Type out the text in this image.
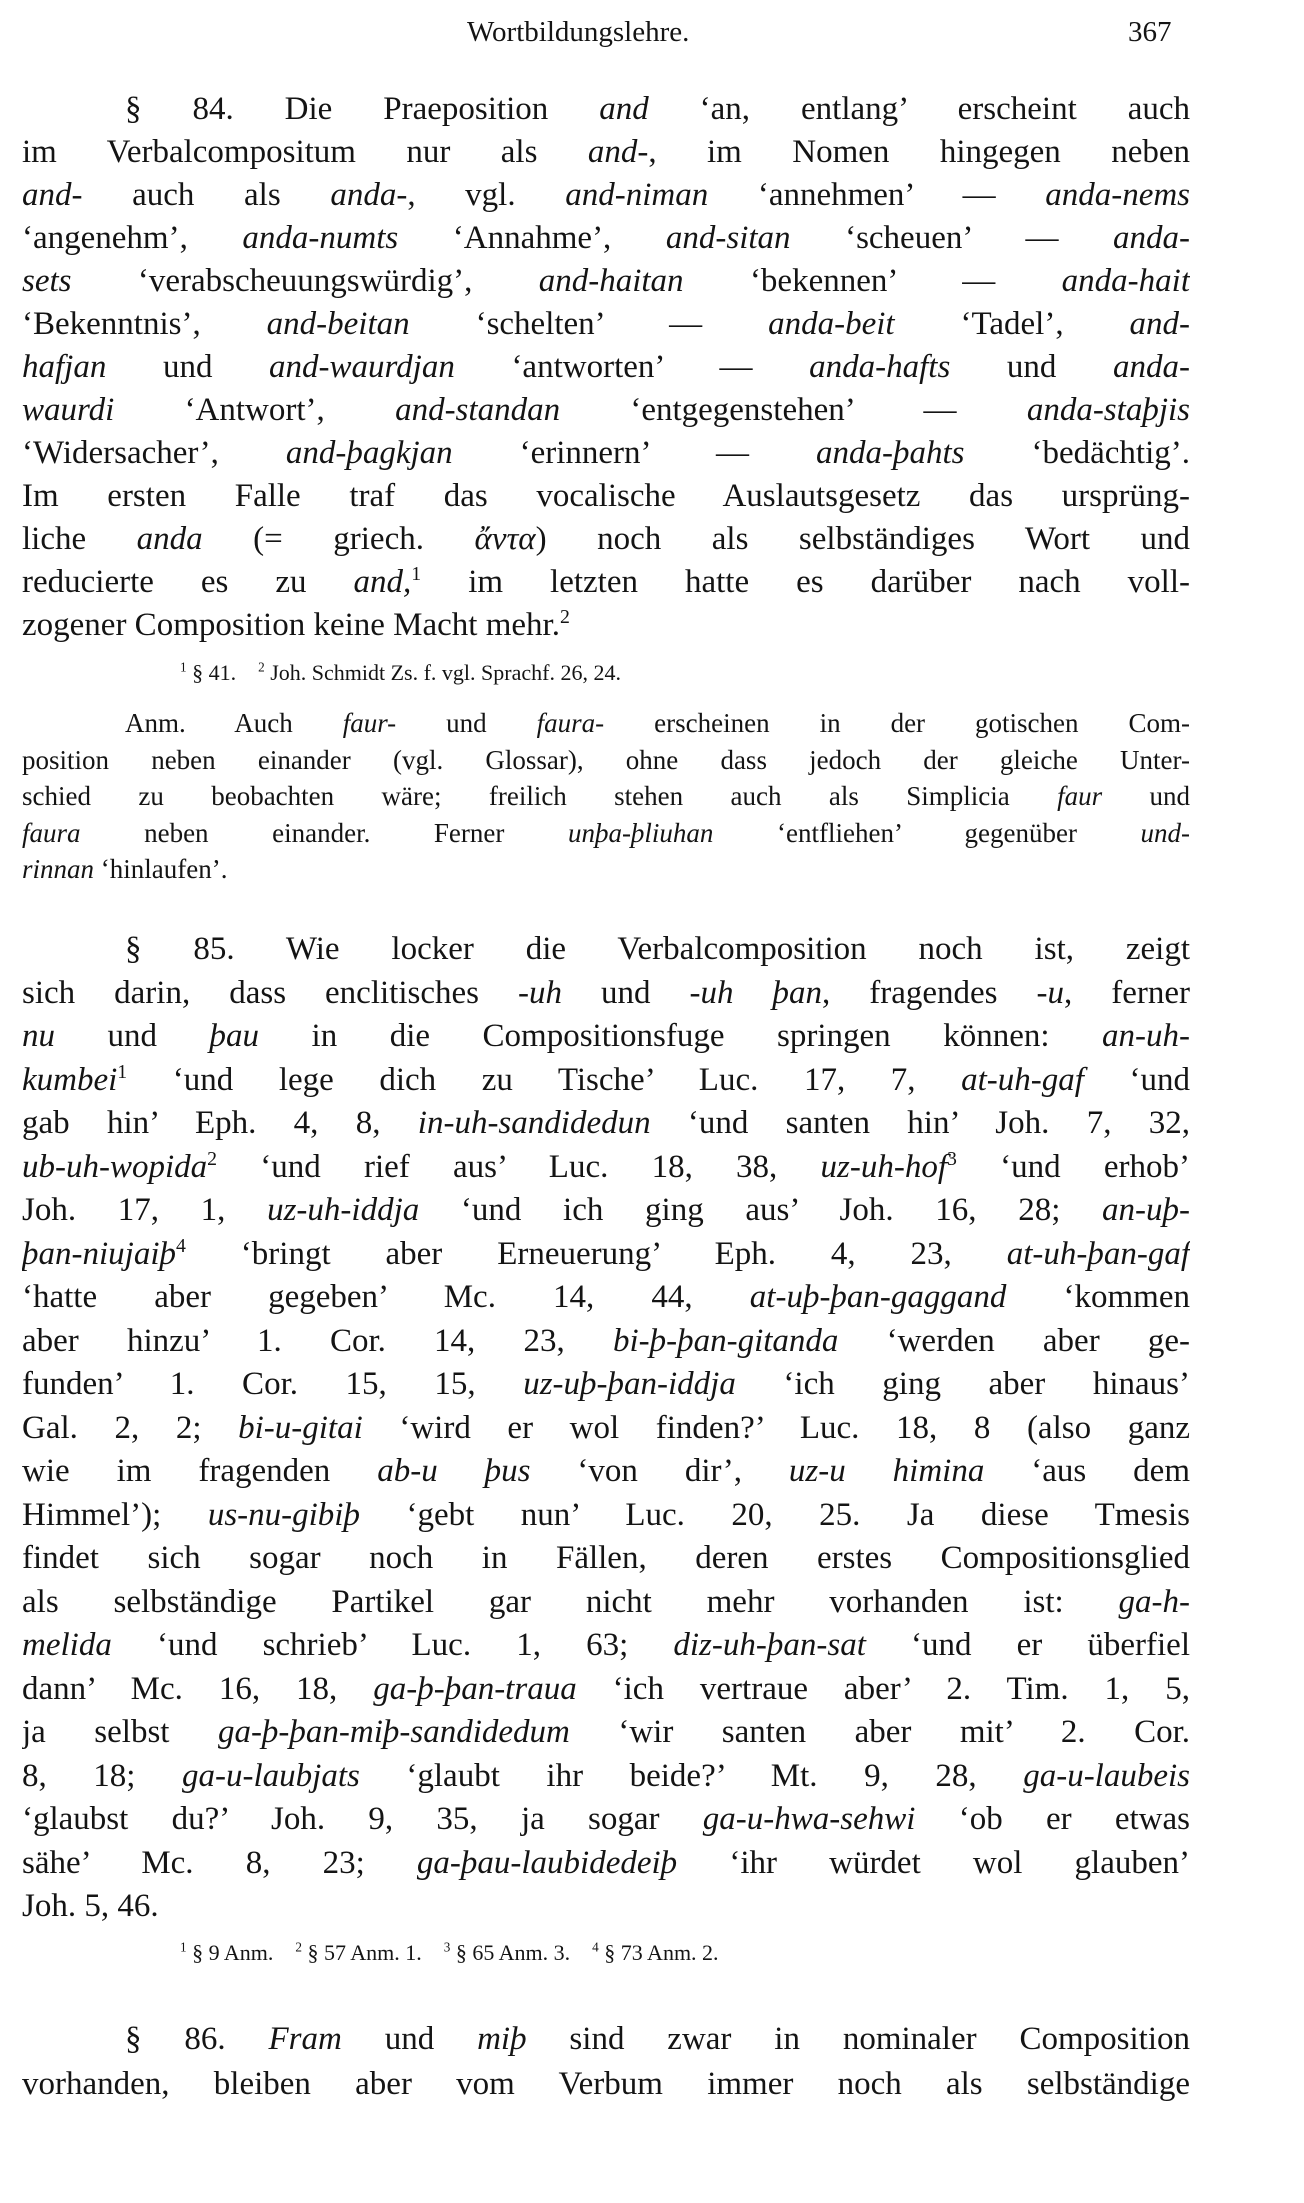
Wortbildungslehre.	367
§ 84. Die Praeposition and ‘an, entlang’ erscheint auch
im Verbalcompositum nur als and-, im Nomen hingegen neben
and- auch als anda-, vgl. and-niman ‘annehmen’ — anda-nems
‘angenehm’, anda-numts ‘Annahme’, and-sitan ‘scheuen’ — anda-
sets ‘verabscheuungswürdig’, and-haitan ‘bekennen’ — anda-hait
‘Bekenntnis’, and-beitan ‘schelten’ — anda-beit ‘Tadel’, and-
hafjan und and-waurdjan ‘antworten’ — anda-hafts und anda-
waurdi ‘Antwort’, and-standan ‘entgegenstehen’ — anda-staþjis
‘Widersacher’, and-þagkjan ‘erinnern’ — anda-þahts ‘bedächtig’.
Im ersten Falle traf das vocalische Auslautsgesetz das ursprüng-
liche anda (= griech. ἄντα) noch als selbständiges Wort und
reducierte es zu and,$^1$ im letzten hatte es darüber nach voll-
zogener Composition keine Macht mehr.$^2$
$^1$ § 41.    $^2$ Joh. Schmidt Zs. f. vgl. Sprachf. 26, 24.
Anm. Auch faur- und faura- erscheinen in der gotischen Com-
position neben einander (vgl. Glossar), ohne dass jedoch der gleiche Unter-
schied zu beobachten wäre; freilich stehen auch als Simplicia faur und
faura neben einander. Ferner unþa-þliuhan ‘entfliehen’ gegenüber und-
rinnan ‘hinlaufen’.
§ 85. Wie locker die Verbalcomposition noch ist, zeigt
sich darin, dass enclitisches -uh und -uh þan, fragendes -u, ferner
nu und þau in die Compositionsfuge springen können: an-uh-
kumbei$^1$ ‘und lege dich zu Tische’ Luc. 17, 7, at-uh-gaf ‘und
gab hin’ Eph. 4, 8, in-uh-sandidedun ‘und santen hin’ Joh. 7, 32,
ub-uh-wopida$^2$ ‘und rief aus’ Luc. 18, 38, uz-uh-hof$^3$ ‘und erhob’
Joh. 17, 1, uz-uh-iddja ‘und ich ging aus’ Joh. 16, 28; an-uþ-
þan-niujaiþ$^4$ ‘bringt aber Erneuerung’ Eph. 4, 23, at-uh-þan-gaf
‘hatte aber gegeben’ Mc. 14, 44, at-uþ-þan-gaggand ‘kommen
aber hinzu’ 1. Cor. 14, 23, bi-þ-þan-gitanda ‘werden aber ge-
funden’ 1. Cor. 15, 15, uz-uþ-þan-iddja ‘ich ging aber hinaus’
Gal. 2, 2; bi-u-gitai ‘wird er wol finden?’ Luc. 18, 8 (also ganz
wie im fragenden ab-u þus ‘von dir’, uz-u himina ‘aus dem
Himmel’); us-nu-gibiþ ‘gebt nun’ Luc. 20, 25. Ja diese Tmesis
findet sich sogar noch in Fällen, deren erstes Compositionsglied
als selbständige Partikel gar nicht mehr vorhanden ist: ga-h-
melida ‘und schrieb’ Luc. 1, 63; diz-uh-þan-sat ‘und er überfiel
dann’ Mc. 16, 18, ga-þ-þan-traua ‘ich vertraue aber’ 2. Tim. 1, 5,
ja selbst ga-þ-þan-miþ-sandidedum ‘wir santen aber mit’ 2. Cor.
8, 18; ga-u-laubjats ‘glaubt ihr beide?’ Mt. 9, 28, ga-u-laubeis
‘glaubst du?’ Joh. 9, 35, ja sogar ga-u-hwa-sehwi ‘ob er etwas
sähe’ Mc. 8, 23; ga-þau-laubidedeiþ ‘ihr würdet wol glauben’
Joh. 5, 46.
$^1$ § 9 Anm.    $^2$ § 57 Anm. 1.    $^3$ § 65 Anm. 3.    $^4$ § 73 Anm. 2.
§ 86. Fram und miþ sind zwar in nominaler Composition
vorhanden, bleiben aber vom Verbum immer noch als selbständige
